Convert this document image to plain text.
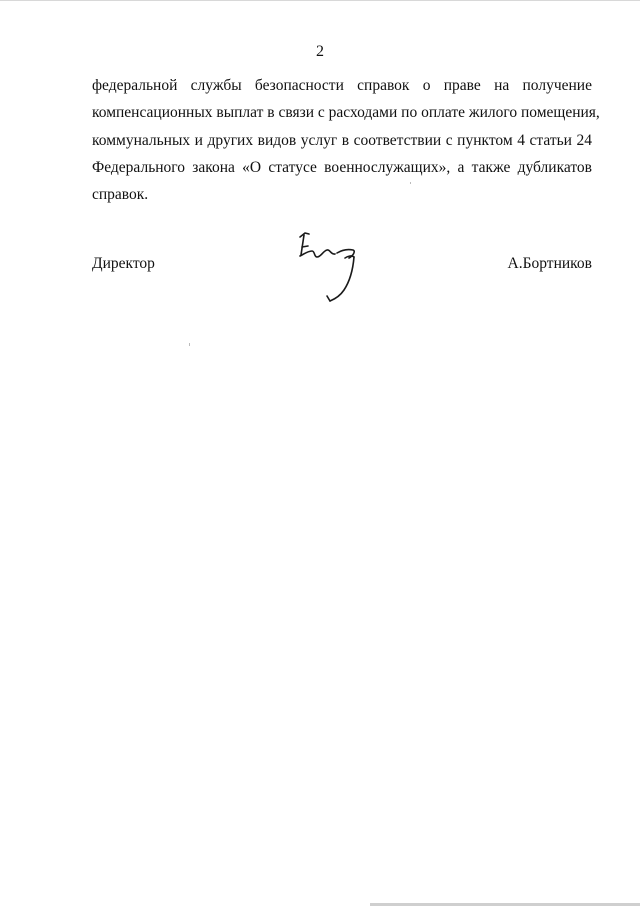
2
федеральной службы безопасности справок о праве на получение
компенсационных выплат в связи с расходами по оплате жилого помещения,
коммунальных и других видов услуг в соответствии с пунктом 4 статьи 24
Федерального закона «О статусе военнослужащих», а также дубликатов
справок.
Директор	А.Бортников
